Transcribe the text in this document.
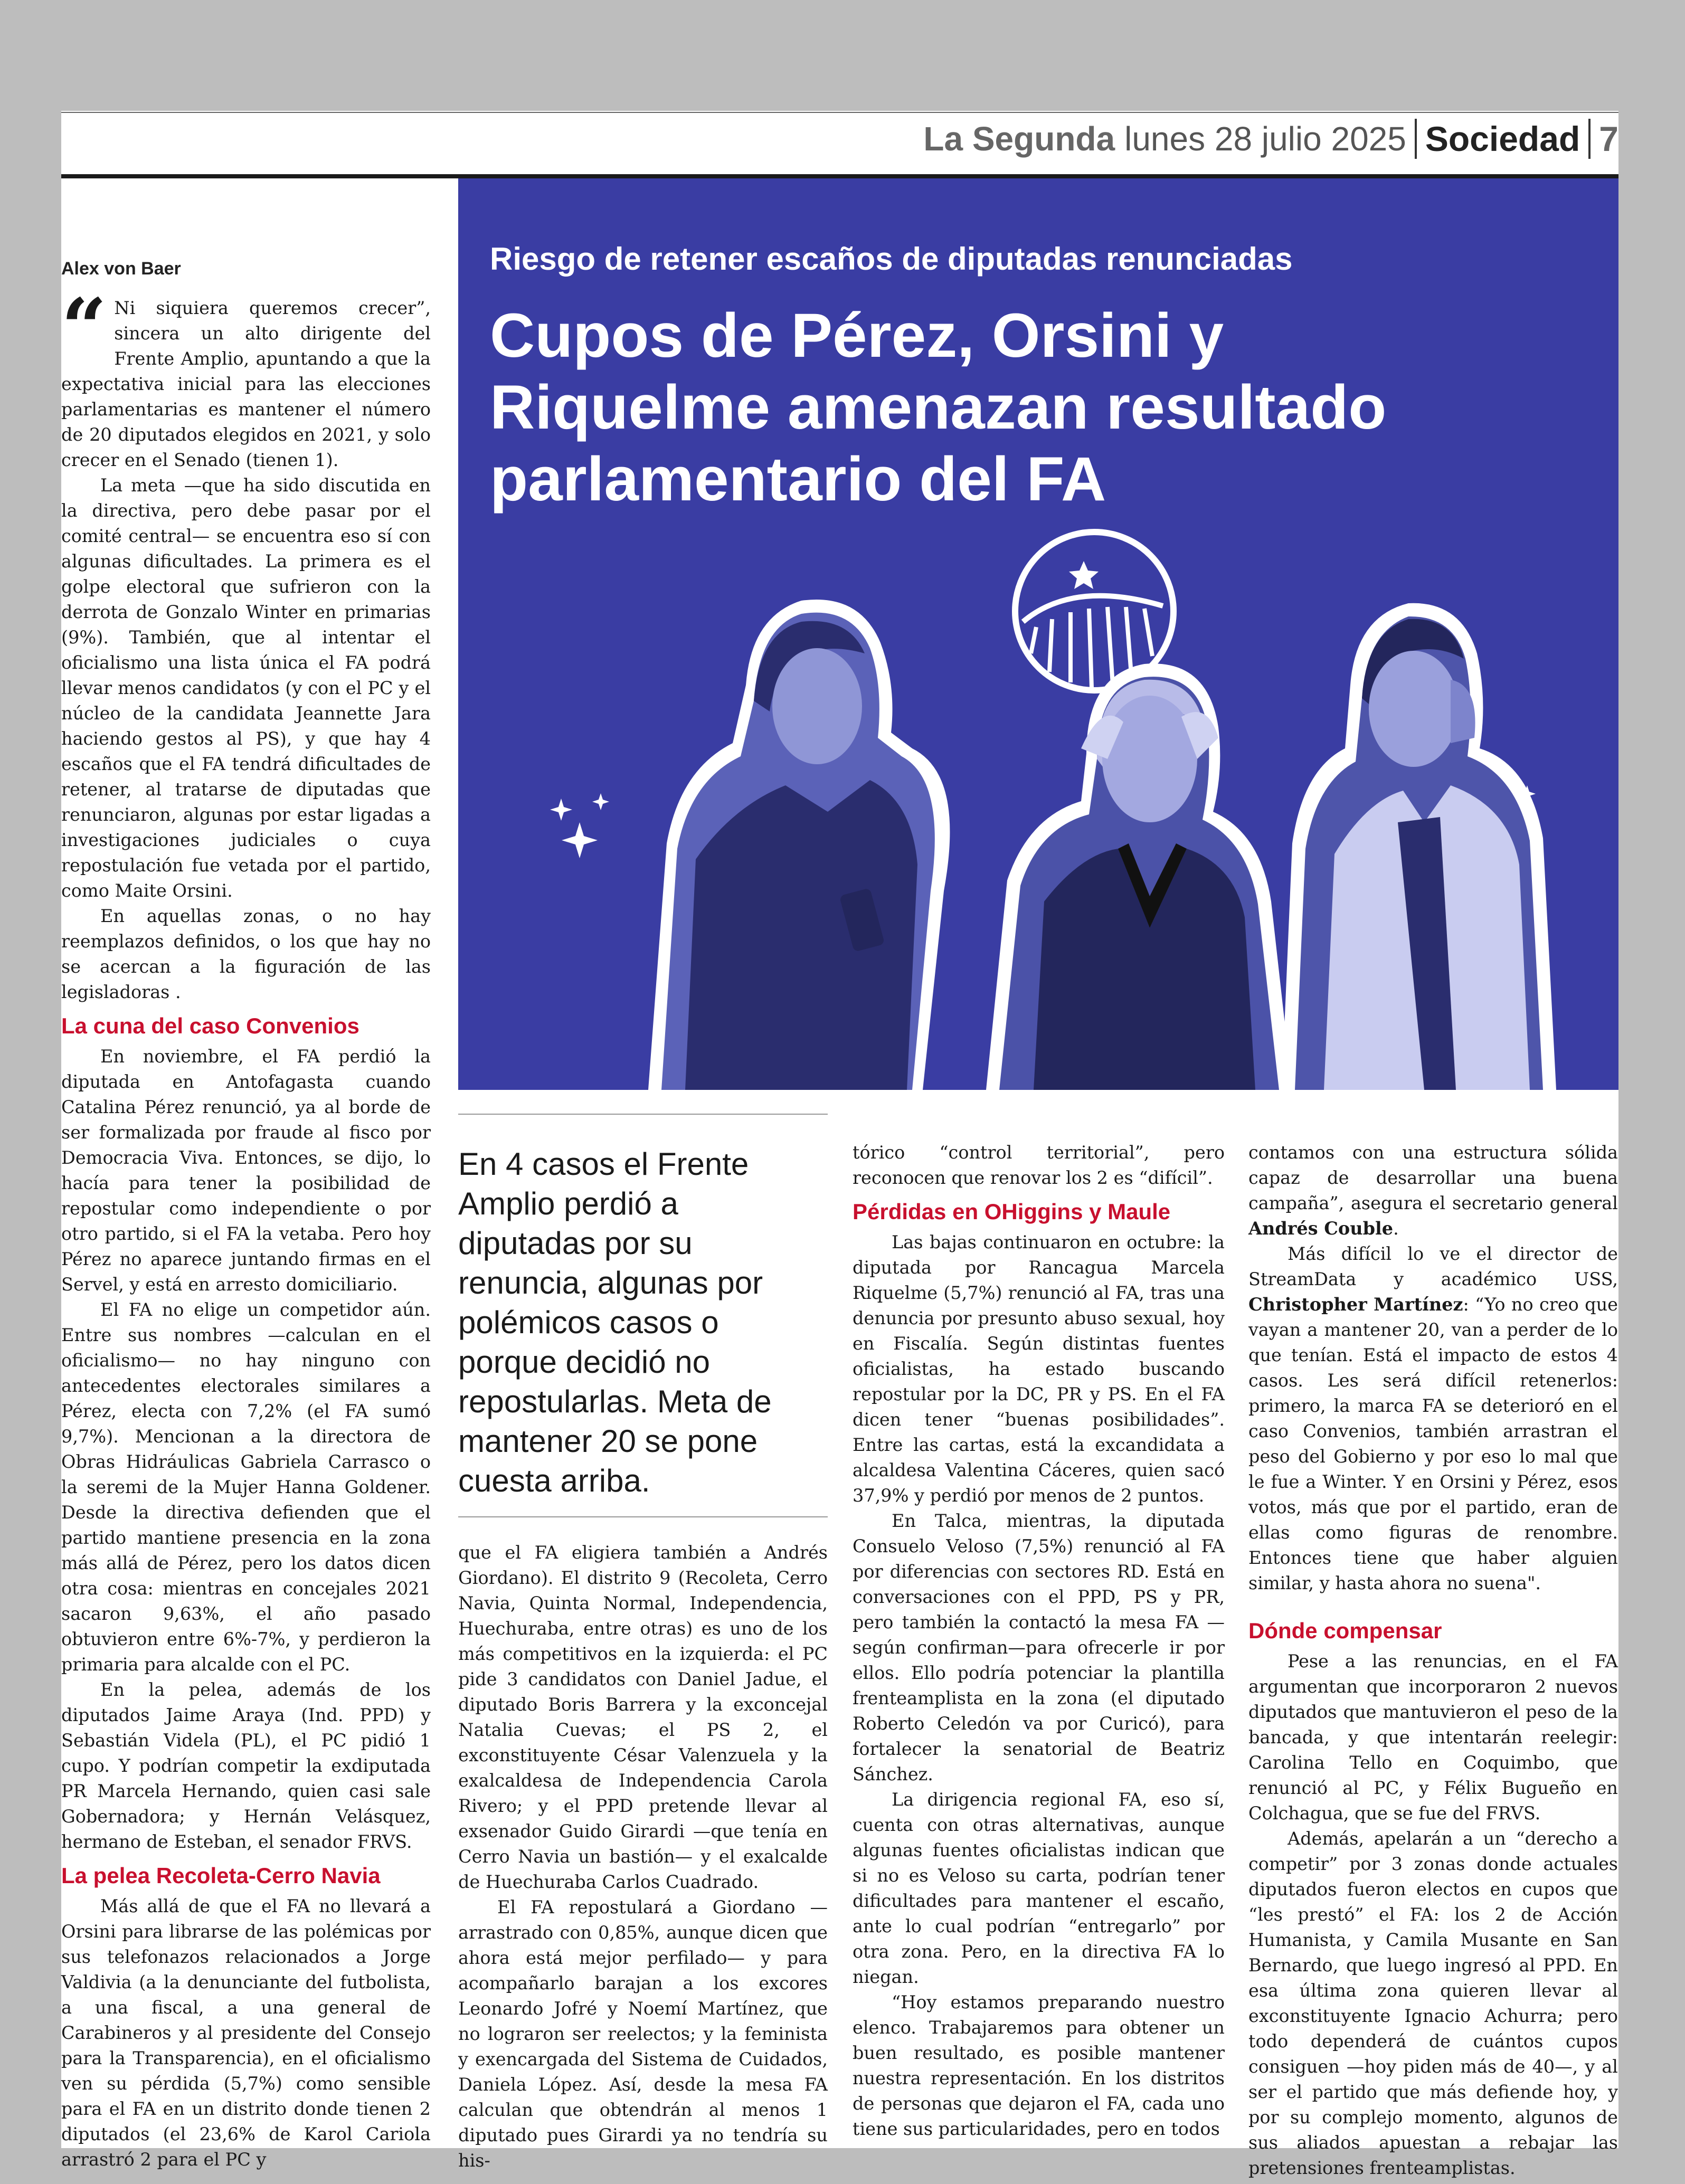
La Segunda lunes 28 julio 2025 Sociedad 7
Alex von Baer

“ Ni siquiera queremos crecer”, sincera un alto dirigente del Frente Amplio, apuntando a que la expectativa inicial para las elecciones parlamentarias es mantener el número de 20 diputados elegidos en 2021, y solo crecer en el Senado (tienen 1).

La meta —que ha sido discutida en la directiva, pero debe pasar por el comité central— se encuentra eso sí con algunas dificultades. La primera es el golpe electoral que sufrieron con la derrota de Gonzalo Winter en primarias (9%). También, que al intentar el oficialismo una lista única el FA podrá llevar menos candidatos (y con el PC y el núcleo de la candidata Jeannette Jara haciendo gestos al PS), y que hay 4 escaños que el FA tendrá dificultades de retener, al tratarse de diputadas que renunciaron, algunas por estar ligadas a investigaciones judiciales o cuya repostulación fue vetada por el partido, como Maite Orsini.

En aquellas zonas, o no hay reemplazos definidos, o los que hay no se acercan a la figuración de las legisladoras .

La cuna del caso Convenios

En noviembre, el FA perdió la diputada en Antofagasta cuando Catalina Pérez renunció, ya al borde de ser formalizada por fraude al fisco por Democracia Viva. Entonces, se dijo, lo hacía para tener la posibilidad de repostular como independiente o por otro partido, si el FA la vetaba. Pero hoy Pérez no aparece juntando firmas en el Servel, y está en arresto domiciliario.

El FA no elige un competidor aún. Entre sus nombres —calculan en el oficialismo— no hay ninguno con antecedentes electorales similares a Pérez, electa con 7,2% (el FA sumó 9,7%). Mencionan a la directora de Obras Hidráulicas Gabriela Carrasco o la seremi de la Mujer Hanna Goldener. Desde la directiva defienden que el partido mantiene presencia en la zona más allá de Pérez, pero los datos dicen otra cosa: mientras en concejales 2021 sacaron 9,63%, el año pasado obtuvieron entre 6%-7%, y perdieron la primaria para alcalde con el PC.

En la pelea, además de los diputados Jaime Araya (Ind. PPD) y Sebastián Videla (PL), el PC pidió 1 cupo. Y podrían competir la exdiputada PR Marcela Hernando, quien casi sale Gobernadora; y Hernán Velásquez, hermano de Esteban, el senador FRVS.

La pelea Recoleta-Cerro Navia

Más allá de que el FA no llevará a Orsini para librarse de las polémicas por sus telefonazos relacionados a Jorge Valdivia (a la denunciante del futbolista, a una fiscal, a una general de Carabineros y al presidente del Consejo para la Transparencia), en el oficialismo ven su pérdida (5,7%) como sensible para el FA en un distrito donde tienen 2 diputados (el 23,6% de Karol Cariola arrastró 2 para el PC y

Riesgo de retener escaños de diputadas renunciadas
Cupos de Pérez, Orsini y Riquelme amenazan resultado parlamentario del FA
En 4 casos el Frente Amplio perdió a diputadas por su renuncia, algunas por polémicos casos o porque decidió no repostularlas. Meta de mantener 20 se pone cuesta arriba.

que el FA eligiera también a Andrés Giordano). El distrito 9 (Recoleta, Cerro Navia, Quinta Normal, Independencia, Huechuraba, entre otras) es uno de los más competitivos en la izquierda: el PC pide 3 candidatos con Daniel Jadue, el diputado Boris Barrera y la exconcejal Natalia Cuevas; el PS 2, el exconstituyente César Valenzuela y la exalcaldesa de Independencia Carola Rivero; y el PPD pretende llevar al exsenador Guido Girardi —que tenía en Cerro Navia un bastión— y el exalcalde de Huechuraba Carlos Cuadrado.

El FA repostulará a Giordano —arrastrado con 0,85%, aunque dicen que ahora está mejor perfilado— y para acompañarlo barajan a los excores Leonardo Jofré y Noemí Martínez, que no lograron ser reelectos; y la feminista y exencargada del Sistema de Cuidados, Daniela López. Así, desde la mesa FA calculan que obtendrán al menos 1 diputado pues Girardi ya no tendría su his-

tórico “control territorial”, pero reconocen que renovar los 2 es “difícil”.

Pérdidas en OHiggins y Maule

Las bajas continuaron en octubre: la diputada por Rancagua Marcela Riquelme (5,7%) renunció al FA, tras una denuncia por presunto abuso sexual, hoy en Fiscalía. Según distintas fuentes oficialistas, ha estado buscando repostular por la DC, PR y PS. En el FA dicen tener “buenas posibilidades”. Entre las cartas, está la excandidata a alcaldesa Valentina Cáceres, quien sacó 37,9% y perdió por menos de 2 puntos.

En Talca, mientras, la diputada Consuelo Veloso (7,5%) renunció al FA por diferencias con sectores RD. Está en conversaciones con el PPD, PS y PR, pero también la contactó la mesa FA —según confirman—para ofrecerle ir por ellos. Ello podría potenciar la plantilla frenteamplista en la zona (el diputado Roberto Celedón va por Curicó), para fortalecer la senatorial de Beatriz Sánchez.

La dirigencia regional FA, eso sí, cuenta con otras alternativas, aunque algunas fuentes oficialistas indican que si no es Veloso su carta, podrían tener dificultades para mantener el escaño, ante lo cual podrían “entregarlo” por otra zona. Pero, en la directiva FA lo niegan.

“Hoy estamos preparando nuestro elenco. Trabajaremos para obtener un buen resultado, es posible mantener nuestra representación. En los distritos de personas que dejaron el FA, cada uno tiene sus particularidades, pero en todos

contamos con una estructura sólida capaz de desarrollar una buena campaña”, asegura el secretario general Andrés Couble.

Más difícil lo ve el director de StreamData y académico USS, Christopher Martínez: “Yo no creo que vayan a mantener 20, van a perder de lo que tenían. Está el impacto de estos 4 casos. Les será difícil retenerlos: primero, la marca FA se deterioró en el caso Convenios, también arrastran el peso del Gobierno y por eso lo mal que le fue a Winter. Y en Orsini y Pérez, esos votos, más que por el partido, eran de ellas como figuras de renombre. Entonces tiene que haber alguien similar, y hasta ahora no suena".

Dónde compensar

Pese a las renuncias, en el FA argumentan que incorporaron 2 nuevos diputados que mantuvieron el peso de la bancada, y que intentarán reelegir: Carolina Tello en Coquimbo, que renunció al PC, y Félix Bugueño en Colchagua, que se fue del FRVS.

Además, apelarán a un “derecho a competir” por 3 zonas donde actuales diputados fueron electos en cupos que “les prestó” el FA: los 2 de Acción Humanista, y Camila Musante en San Bernardo, que luego ingresó al PPD. En esa última zona quieren llevar al exconstituyente Ignacio Achurra; pero todo dependerá de cuántos cupos consiguen —hoy piden más de 40—, y al ser el partido que más defiende hoy, y por su complejo momento, algunos de sus aliados apuestan a rebajar las pretensiones frenteamplistas.
